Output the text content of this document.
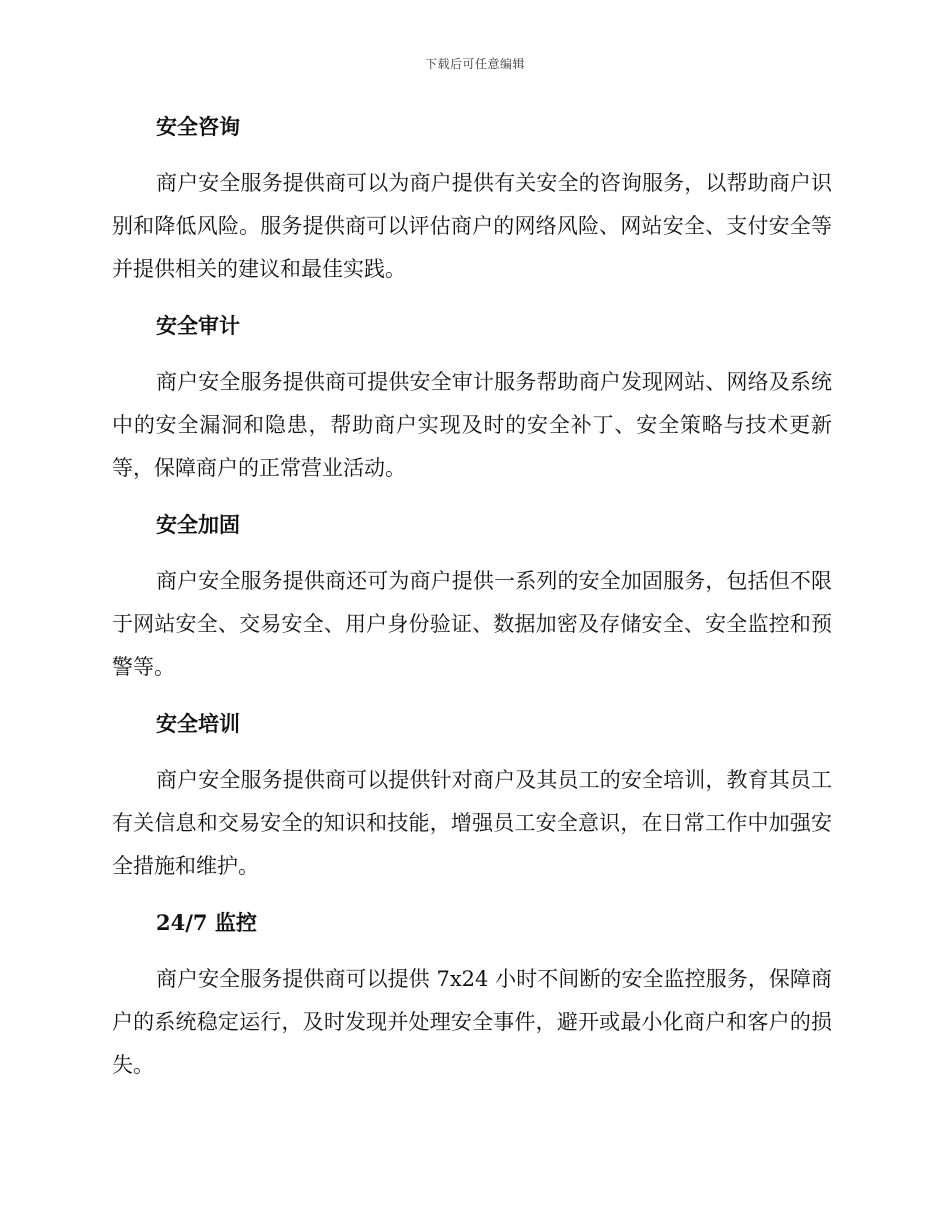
下载后可任意编辑
安全咨询

商户安全服务提供商可以为商户提供有关安全的咨询服务，以帮助商户识别和降低风险。服务提供商可以评估商户的网络风险、网站安全、支付安全等并提供相关的建议和最佳实践。

安全审计

商户安全服务提供商可提供安全审计服务帮助商户发现网站、网络及系统中的安全漏洞和隐患，帮助商户实现及时的安全补丁、安全策略与技术更新等，保障商户的正常营业活动。

安全加固

商户安全服务提供商还可为商户提供一系列的安全加固服务，包括但不限于网站安全、交易安全、用户身份验证、数据加密及存储安全、安全监控和预警等。

安全培训

商户安全服务提供商可以提供针对商户及其员工的安全培训，教育其员工有关信息和交易安全的知识和技能，增强员工安全意识，在日常工作中加强安全措施和维护。

24/7 监控

商户安全服务提供商可以提供 7x24 小时不间断的安全监控服务，保障商户的系统稳定运行，及时发现并处理安全事件，避开或最小化商户和客户的损失。
